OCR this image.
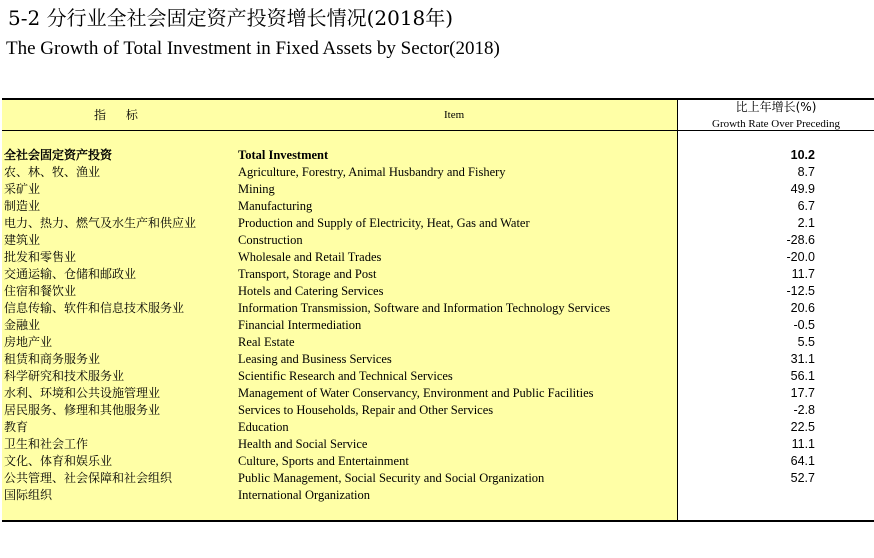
5-2 分行业全社会固定资产投资增长情况(2018年)
The Growth of Total Investment in Fixed Assets by Sector(2018)
指 标	Item
比上年增长(%)
Growth Rate Over Preceding
全社会固定资产投资	Total Investment	10.2
农、林、牧、渔业	Agriculture, Forestry, Animal Husbandry and Fishery	8.7
采矿业	Mining	49.9
制造业	Manufacturing	6.7
电力、热力、燃气及水生产和供应业	Production and Supply of Electricity, Heat, Gas and Water	2.1
建筑业	Construction	-28.6
批发和零售业	Wholesale and Retail Trades	-20.0
交通运输、仓储和邮政业	Transport, Storage and Post	11.7
住宿和餐饮业	Hotels and Catering Services	-12.5
信息传输、软件和信息技术服务业	Information Transmission, Software and Information Technology Services	20.6
金融业	Financial Intermediation	-0.5
房地产业	Real Estate	5.5
租赁和商务服务业	Leasing and Business Services	31.1
科学研究和技术服务业	Scientific Research and Technical Services	56.1
水利、环境和公共设施管理业	Management of Water Conservancy, Environment and Public Facilities	17.7
居民服务、修理和其他服务业	Services to Households, Repair and Other Services	-2.8
教育	Education	22.5
卫生和社会工作	Health and Social Service	11.1
文化、体育和娱乐业	Culture, Sports and Entertainment	64.1
公共管理、社会保障和社会组织	Public Management, Social Security and Social Organization	52.7
国际组织	International Organization
